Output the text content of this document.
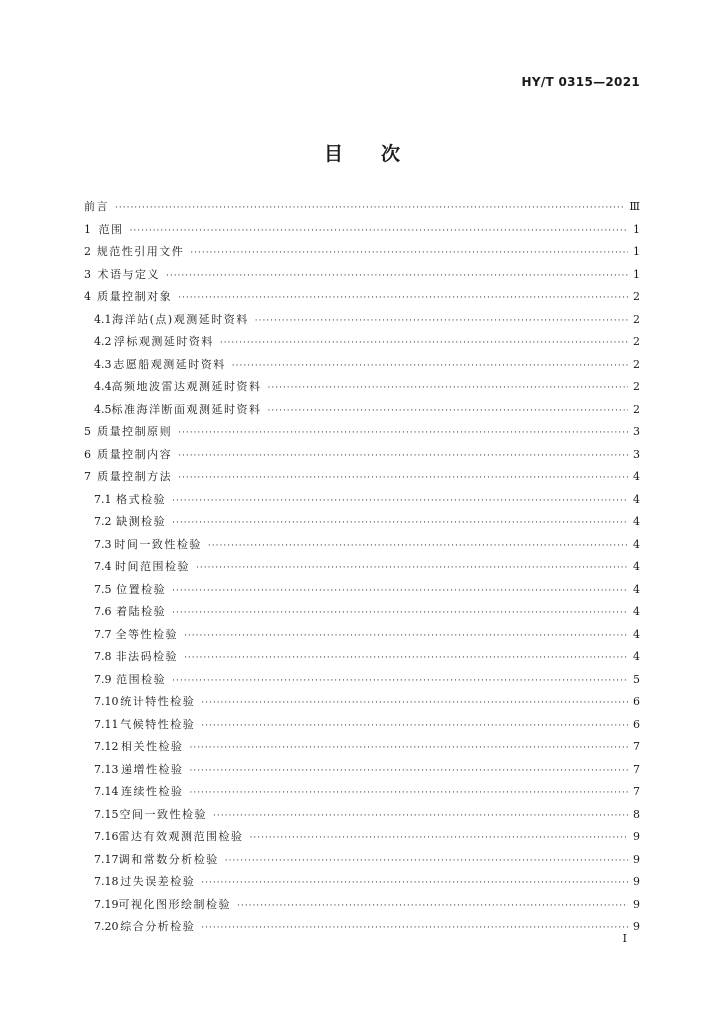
HY/T 0315—2021
目　　次
前言 ·····	Ⅲ
1 范围 ·····	1
2 规范性引用文件 ·····	1
3 术语与定义 ·····	1
4 质量控制对象 ·····	2
4.1 海洋站(点)观测延时资料 ·····	2
4.2 浮标观测延时资料 ·····	2
4.3 志愿船观测延时资料 ·····	2
4.4 高频地波雷达观测延时资料 ·····	2
4.5 标准海洋断面观测延时资料 ·····	2
5 质量控制原则 ·····	3
6 质量控制内容 ·····	3
7 质量控制方法 ·····	4
7.1 格式检验 ·····	4
7.2 缺测检验 ·····	4
7.3 时间一致性检验 ·····	4
7.4 时间范围检验 ·····	4
7.5 位置检验 ·····	4
7.6 着陆检验 ·····	4
7.7 全等性检验 ·····	4
7.8 非法码检验 ·····	4
7.9 范围检验 ·····	5
7.10 统计特性检验 ·····	6
7.11 气候特性检验 ·····	6
7.12 相关性检验 ·····	7
7.13 递增性检验 ·····	7
7.14 连续性检验 ·····	7
7.15 空间一致性检验 ·····	8
7.16 雷达有效观测范围检验 ·····	9
7.17 调和常数分析检验 ·····	9
7.18 过失误差检验 ·····	9
7.19 可视化图形绘制检验 ·····	9
7.20 综合分析检验 ·····	9
I
